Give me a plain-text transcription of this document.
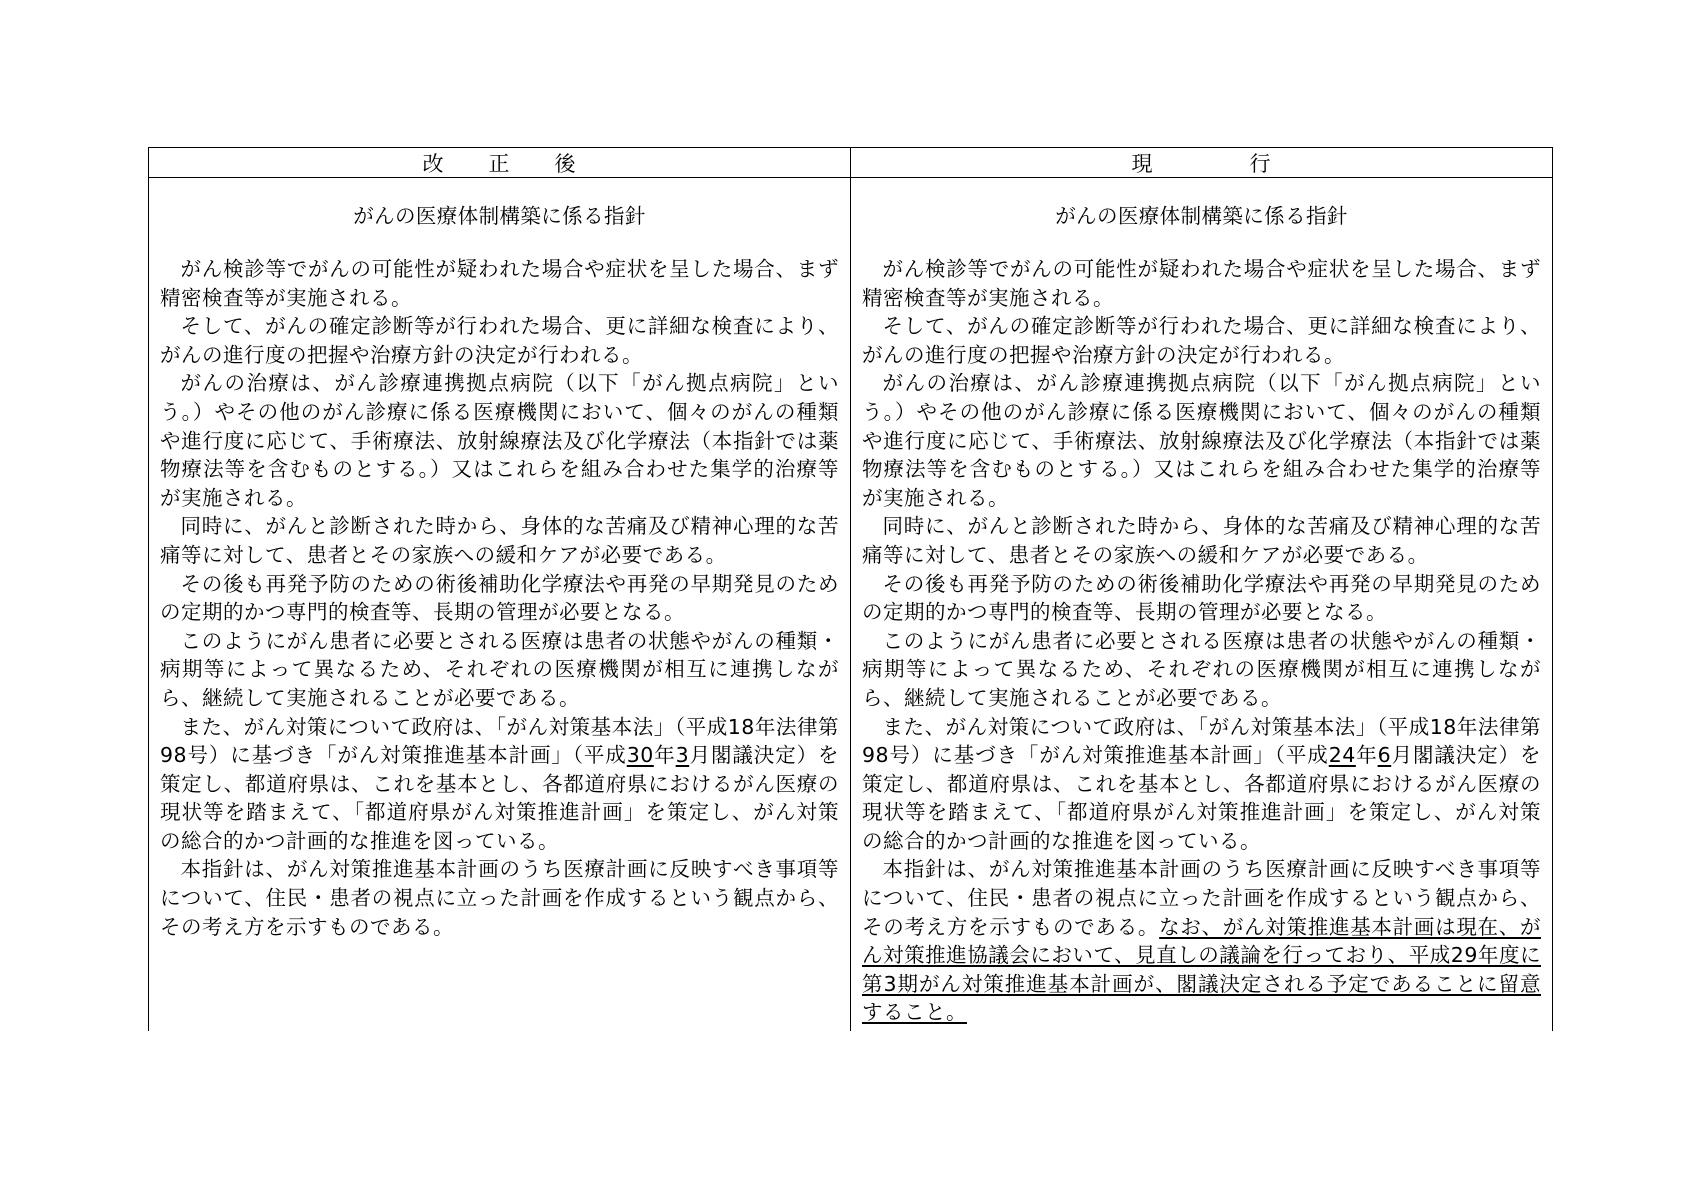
改 正 後	現	行
がんの医療体制構築に係る指針

がん検診等でがんの可能性が疑われた場合や症状を呈した場合、まず精密検査等が実施される。

そして、がんの確定診断等が行われた場合、更に詳細な検査により、がんの進行度の把握や治療方針の決定が行われる。

がんの治療は、がん診療連携拠点病院（以下「がん拠点病院」という。）やその他のがん診療に係る医療機関において、個々のがんの種類や進行度に応じて、手術療法、放射線療法及び化学療法（本指針では薬物療法等を含むものとする。）又はこれらを組み合わせた集学的治療等が実施される。

同時に、がんと診断された時から、身体的な苦痛及び精神心理的な苦痛等に対して、患者とその家族への緩和ケアが必要である。

その後も再発予防のための術後補助化学療法や再発の早期発見のための定期的かつ専門的検査等、長期の管理が必要となる。

このようにがん患者に必要とされる医療は患者の状態やがんの種類・病期等によって異なるため、それぞれの医療機関が相互に連携しながら、継続して実施されることが必要である。

また、がん対策について政府は、「がん対策基本法」（平成18年法律第98号）に基づき「がん対策推進基本計画」（平成30年3月閣議決定）を策定し、都道府県は、これを基本とし、各都道府県におけるがん医療の現状等を踏まえて、「都道府県がん対策推進計画」を策定し、がん対策の総合的かつ計画的な推進を図っている。

本指針は、がん対策推進基本計画のうち医療計画に反映すべき事項等について、住民・患者の視点に立った計画を作成するという観点から、その考え方を示すものである。

がんの医療体制構築に係る指針

がん検診等でがんの可能性が疑われた場合や症状を呈した場合、まず精密検査等が実施される。

そして、がんの確定診断等が行われた場合、更に詳細な検査により、がんの進行度の把握や治療方針の決定が行われる。

がんの治療は、がん診療連携拠点病院（以下「がん拠点病院」という。）やその他のがん診療に係る医療機関において、個々のがんの種類や進行度に応じて、手術療法、放射線療法及び化学療法（本指針では薬物療法等を含むものとする。）又はこれらを組み合わせた集学的治療等が実施される。

同時に、がんと診断された時から、身体的な苦痛及び精神心理的な苦痛等に対して、患者とその家族への緩和ケアが必要である。

その後も再発予防のための術後補助化学療法や再発の早期発見のための定期的かつ専門的検査等、長期の管理が必要となる。

このようにがん患者に必要とされる医療は患者の状態やがんの種類・病期等によって異なるため、それぞれの医療機関が相互に連携しながら、継続して実施されることが必要である。

また、がん対策について政府は、「がん対策基本法」（平成18年法律第98号）に基づき「がん対策推進基本計画」（平成24年6月閣議決定）を策定し、都道府県は、これを基本とし、各都道府県におけるがん医療の現状等を踏まえて、「都道府県がん対策推進計画」を策定し、がん対策の総合的かつ計画的な推進を図っている。

本指針は、がん対策推進基本計画のうち医療計画に反映すべき事項等について、住民・患者の視点に立った計画を作成するという観点から、その考え方を示すものである。なお、がん対策推進基本計画は現在、がん対策推進協議会において、見直しの議論を行っており、平成29年度に第3期がん対策推進基本計画が、閣議決定される予定であることに留意すること。
